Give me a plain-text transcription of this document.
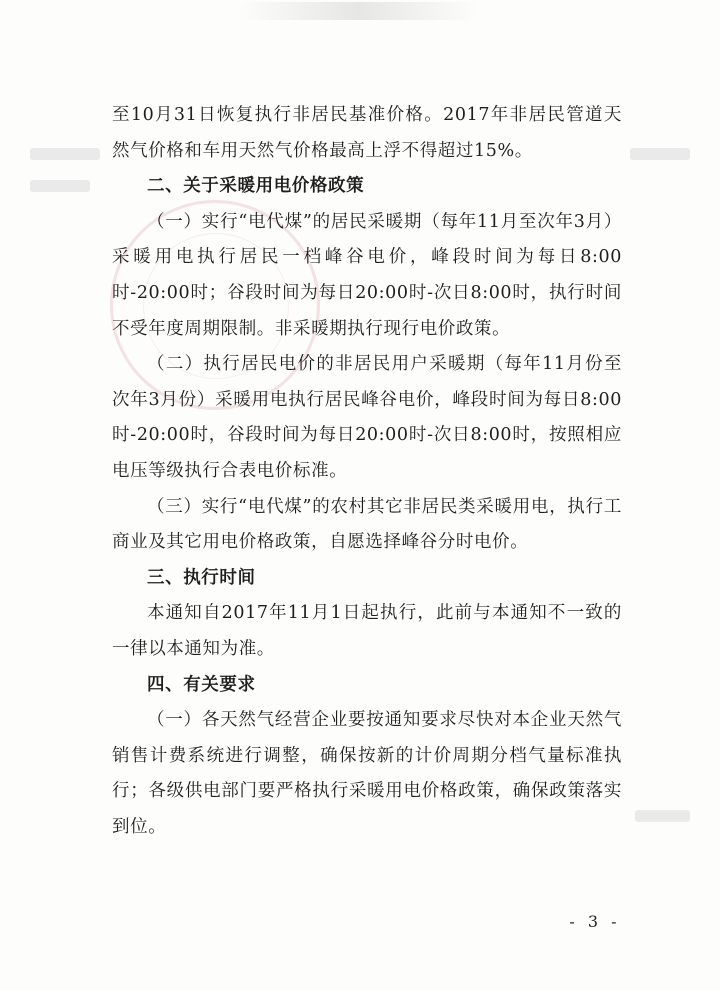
至10月31日恢复执行非居民基准价格。2017年非居民管道天然气价格和车用天然气价格最高上浮不得超过15%。

二、关于采暖用电价格政策

（一）实行“电代煤”的居民采暖期（每年11月至次年3月）采暖用电执行居民一档峰谷电价，峰段时间为每日8:00时-20:00时；谷段时间为每日20:00时-次日8:00时，执行时间不受年度周期限制。非采暖期执行现行电价政策。

（二）执行居民电价的非居民用户采暖期（每年11月份至次年3月份）采暖用电执行居民峰谷电价，峰段时间为每日8:00时-20:00时，谷段时间为每日20:00时-次日8:00时，按照相应电压等级执行合表电价标准。

（三）实行“电代煤”的农村其它非居民类采暖用电，执行工商业及其它用电价格政策，自愿选择峰谷分时电价。

三、执行时间

本通知自2017年11月1日起执行，此前与本通知不一致的一律以本通知为准。

四、有关要求

（一）各天然气经营企业要按通知要求尽快对本企业天然气销售计费系统进行调整，确保按新的计价周期分档气量标准执行；各级供电部门要严格执行采暖用电价格政策，确保政策落实到位。

- 3 -
